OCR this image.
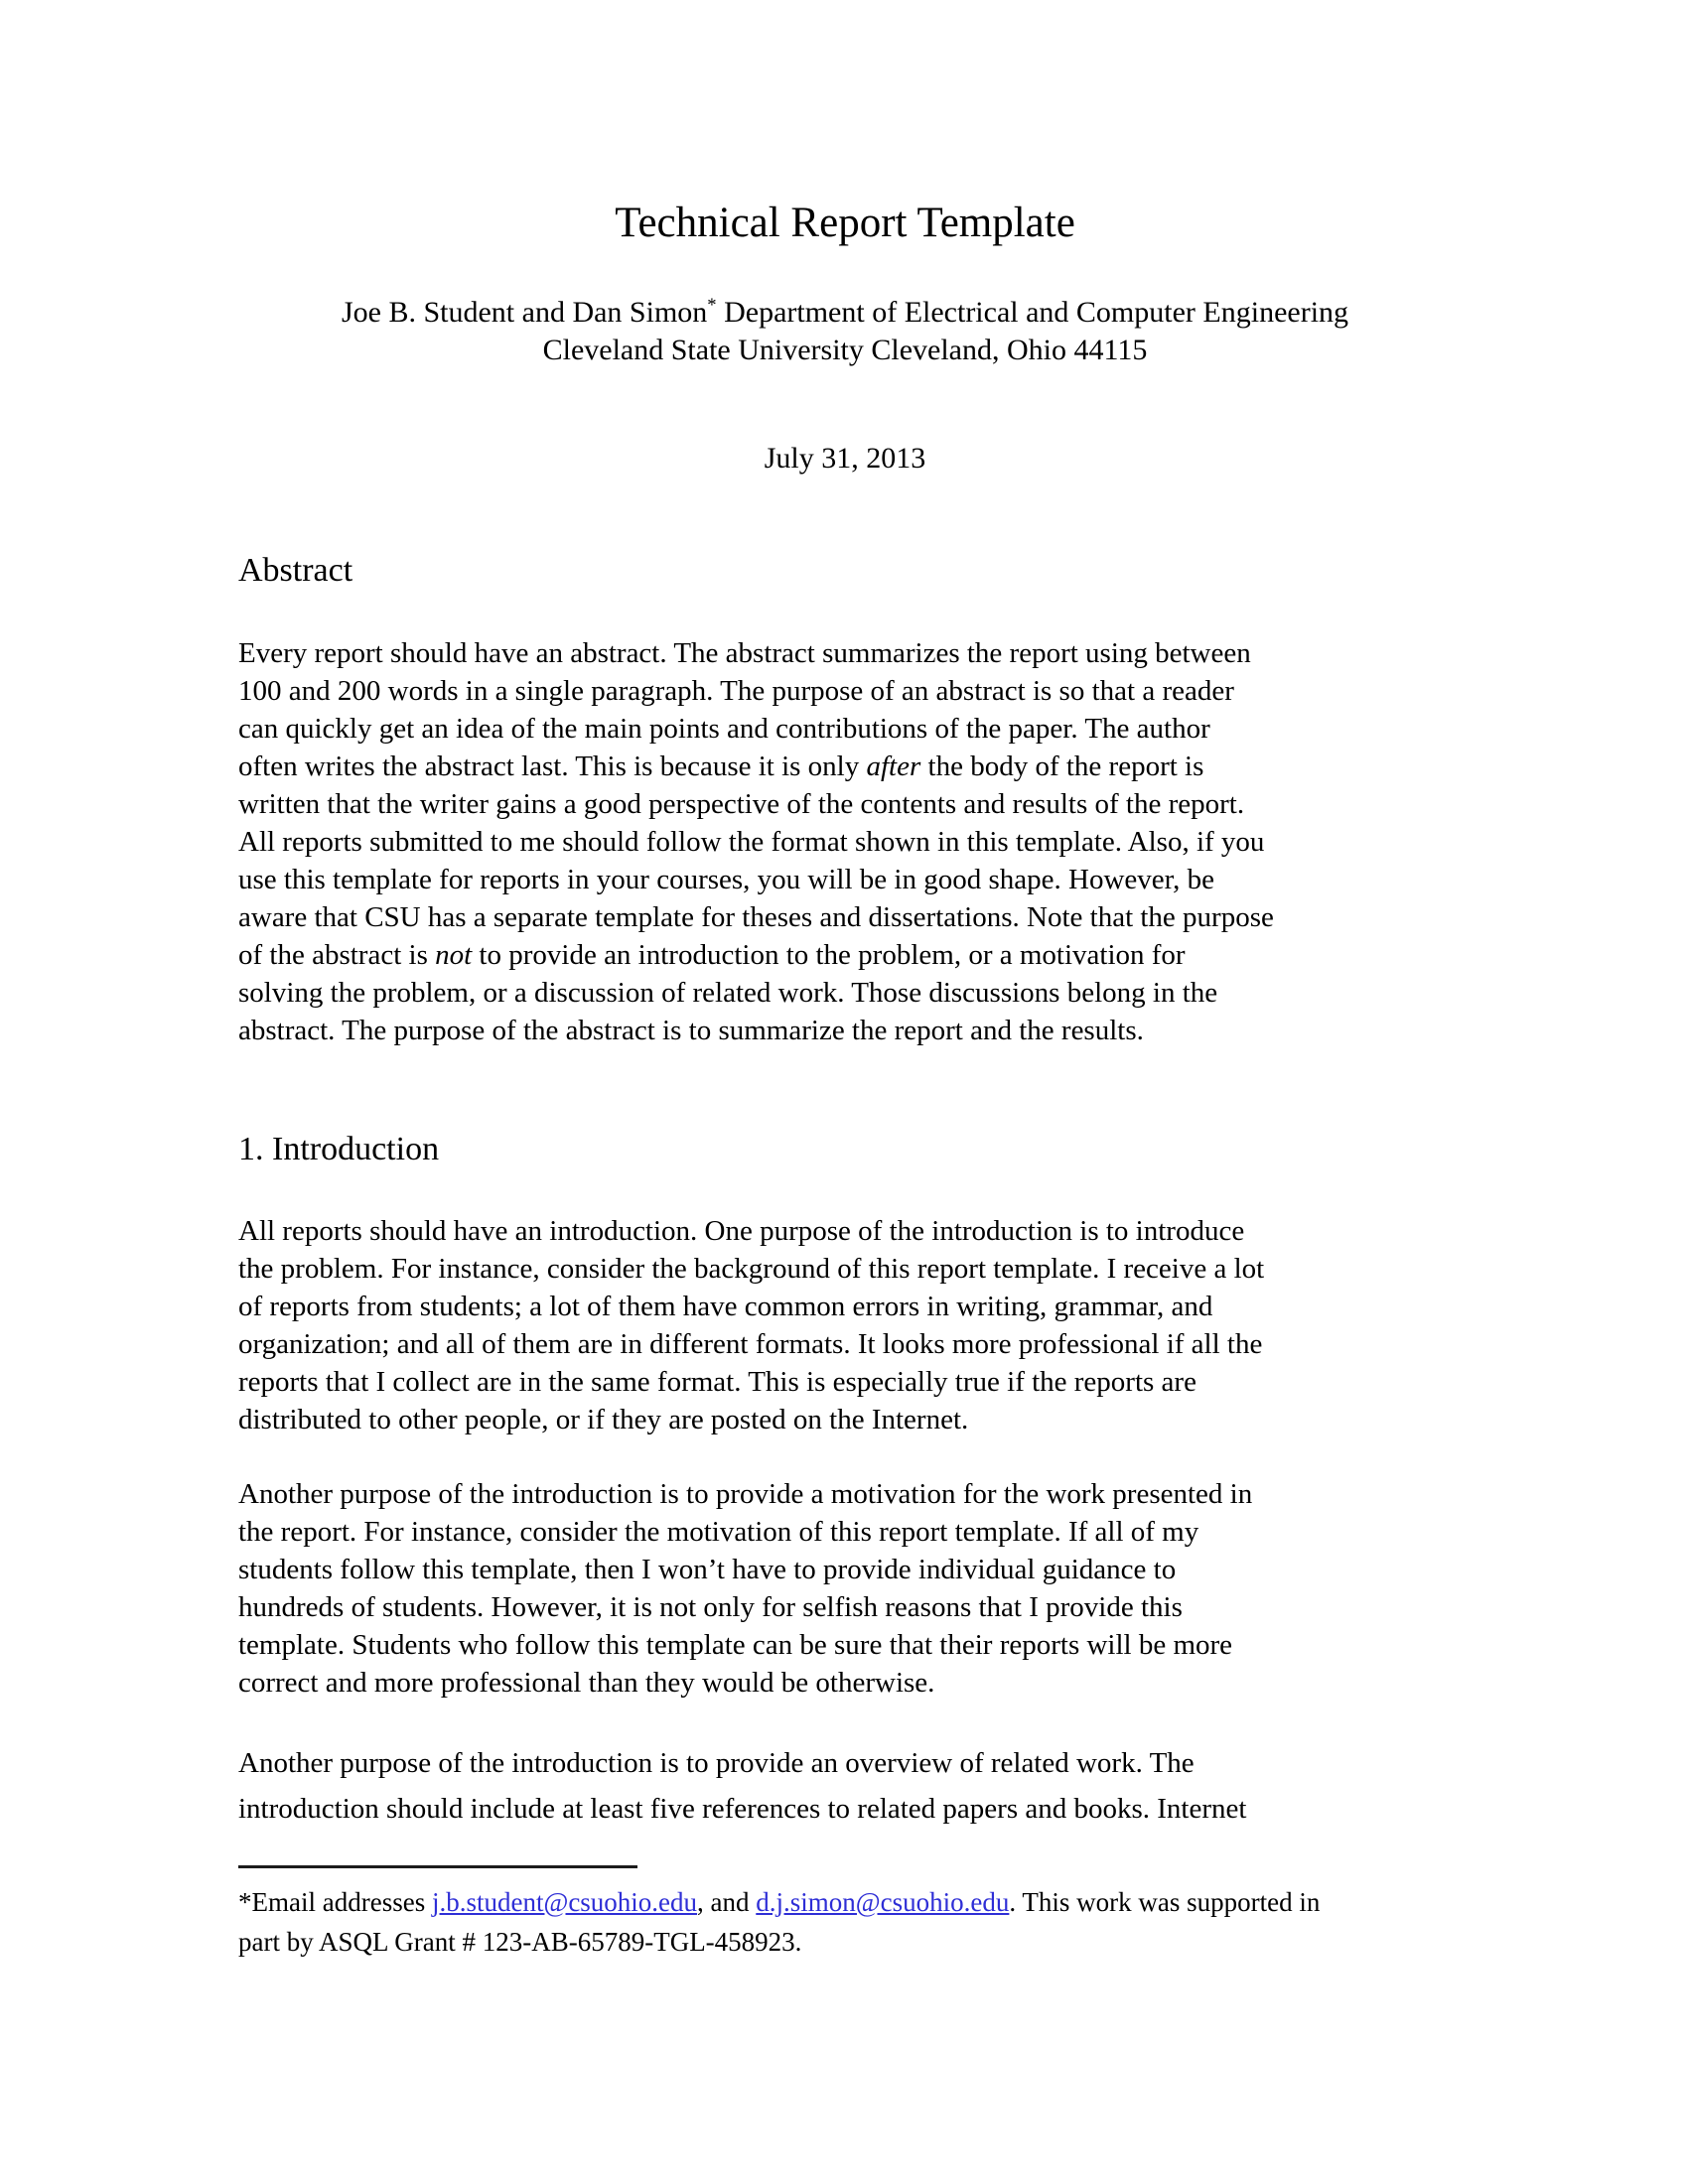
Technical Report Template
Joe B. Student and Dan Simon* Department of Electrical and Computer Engineering
Cleveland State University Cleveland, Ohio 44115
July 31, 2013
Abstract
Every report should have an abstract. The abstract summarizes the report using between
100 and 200 words in a single paragraph. The purpose of an abstract is so that a reader
can quickly get an idea of the main points and contributions of the paper. The author
often writes the abstract last. This is because it is only after the body of the report is
written that the writer gains a good perspective of the contents and results of the report.
All reports submitted to me should follow the format shown in this template. Also, if you
use this template for reports in your courses, you will be in good shape. However, be
aware that CSU has a separate template for theses and dissertations. Note that the purpose
of the abstract is not to provide an introduction to the problem, or a motivation for
solving the problem, or a discussion of related work. Those discussions belong in the
abstract. The purpose of the abstract is to summarize the report and the results.
1. Introduction
All reports should have an introduction. One purpose of the introduction is to introduce
the problem. For instance, consider the background of this report template. I receive a lot
of reports from students; a lot of them have common errors in writing, grammar, and
organization; and all of them are in different formats. It looks more professional if all the
reports that I collect are in the same format. This is especially true if the reports are
distributed to other people, or if they are posted on the Internet.
Another purpose of the introduction is to provide a motivation for the work presented in
the report. For instance, consider the motivation of this report template. If all of my
students follow this template, then I won’t have to provide individual guidance to
hundreds of students. However, it is not only for selfish reasons that I provide this
template. Students who follow this template can be sure that their reports will be more
correct and more professional than they would be otherwise.
Another purpose of the introduction is to provide an overview of related work. The
introduction should include at least five references to related papers and books. Internet
*Email addresses j.b.student@csuohio.edu, and d.j.simon@csuohio.edu. This work was supported in
part by ASQL Grant # 123-AB-65789-TGL-458923.
